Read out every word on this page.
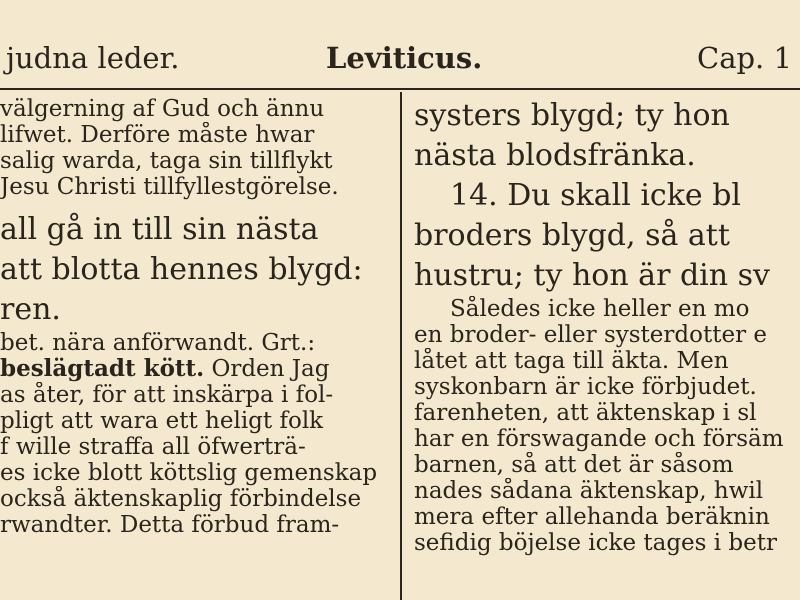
judna leder.	Leviticus.	Cap. 1
välgerning af Gud och ännu
lifwet. Derföre måste hwar
salig warda, taga sin tillflykt
Jesu Christi tillfyllestgörelse.
all gå in till sin nästa
att blotta hennes blygd:
ren.
bet. nära anförwandt. Grt.:
beslägtadt kött. Orden Jag
as åter, för att inskärpa i fol-
pligt att wara ett heligt folk
f wille straffa all öfwerträ-
es icke blott köttslig gemenskap
också äktenskaplig förbindelse
rwandter. Detta förbud fram-
systers blygd; ty hon
nästa blodsfränka.
14. Du skall icke bl
broders blygd, så att
hustru; ty hon är din sv
Således icke heller en mo
en broder- eller systerdotter e
låtet att taga till äkta. Men
syskonbarn är icke förbjudet.
farenheten, att äktenskap i sl
har en förswagande och försäm
barnen, så att det är såsom
nades sådana äktenskap, hwil
mera efter allehanda beräknin
sefidig böjelse icke tages i betr
